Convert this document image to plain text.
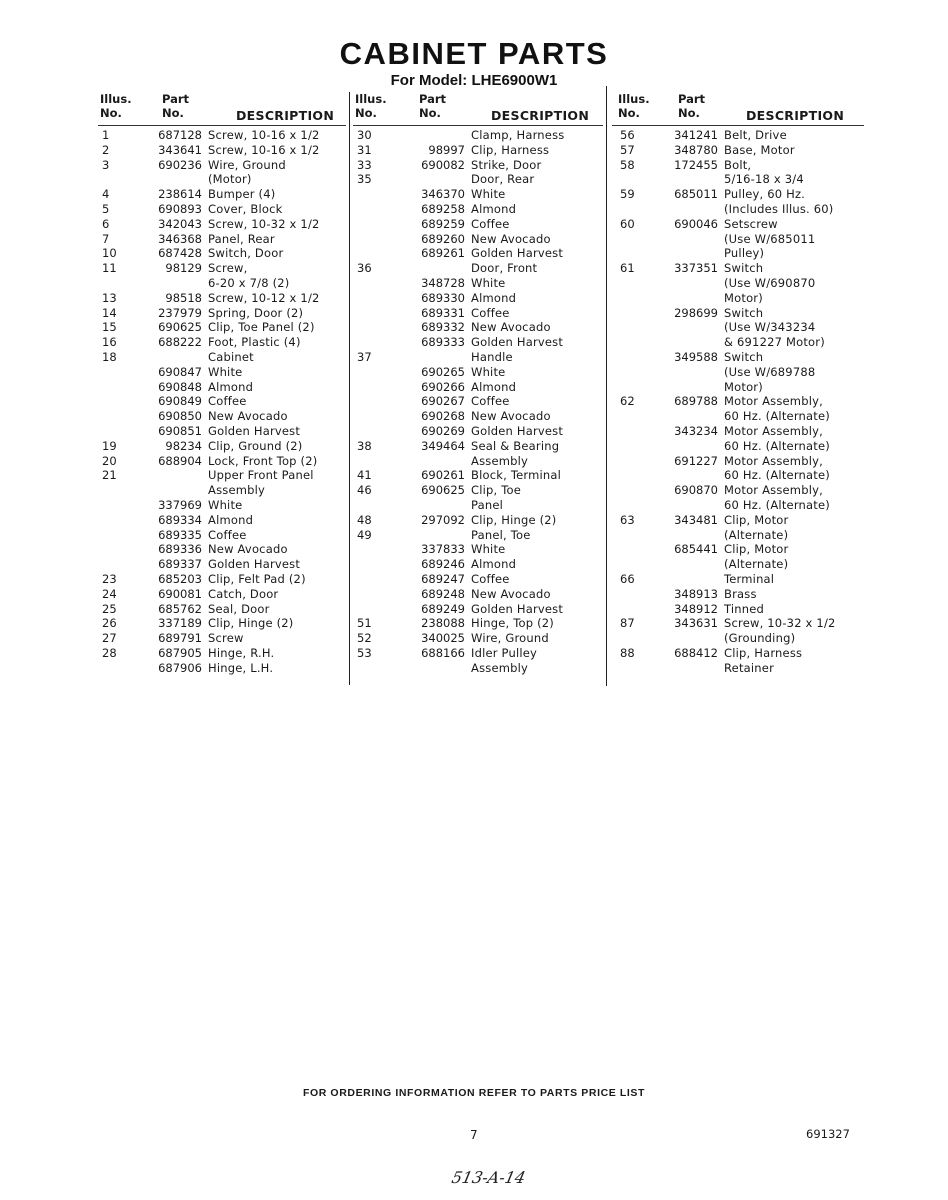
CABINET PARTS
For Model: LHE6900W1
Illus.
No.
Part
No.	DESCRIPTION
1	687128 Screw, 10-16 x 1/2
2	343641 Screw, 10-16 x 1/2
3	690236 Wire, Ground
(Motor)
4	238614 Bumper (4)
5	690893 Cover, Block
6	342043 Screw, 10-32 x 1/2
7	346368 Panel, Rear
10	687428 Switch, Door
11	98129 Screw,
6-20 x 7/8 (2)
13	98518 Screw, 10-12 x 1/2
14	237979 Spring, Door (2)
15	690625 Clip, Toe Panel (2)
16	688222 Foot, Plastic (4)
18	Cabinet
690847 White
690848 Almond
690849 Coffee
690850 New Avocado
690851 Golden Harvest
19	98234 Clip, Ground (2)
20	688904 Lock, Front Top (2)
21	Upper Front Panel
Assembly
337969 White
689334 Almond
689335 Coffee
689336 New Avocado
689337 Golden Harvest
23	685203 Clip, Felt Pad (2)
24	690081 Catch, Door
25	685762 Seal, Door
26	337189 Clip, Hinge (2)
27	689791 Screw
28	687905 Hinge, R.H.
687906 Hinge, L.H.
Illus.
No.
Part
No.	DESCRIPTION
30	Clamp, Harness
31	98997 Clip, Harness
33	690082 Strike, Door
35	Door, Rear
346370 White
689258 Almond
689259 Coffee
689260 New Avocado
689261 Golden Harvest
36	Door, Front
348728 White
689330 Almond
689331 Coffee
689332 New Avocado
689333 Golden Harvest
37	Handle
690265 White
690266 Almond
690267 Coffee
690268 New Avocado
690269 Golden Harvest
38	349464 Seal & Bearing
Assembly
41	690261 Block, Terminal
46	690625 Clip, Toe
Panel
48	297092 Clip, Hinge (2)
49	Panel, Toe
337833 White
689246 Almond
689247 Coffee
689248 New Avocado
689249 Golden Harvest
51	238088 Hinge, Top (2)
52	340025 Wire, Ground
53	688166 Idler Pulley
Assembly
Illus.
No.
Part
No.	DESCRIPTION
56	341241 Belt, Drive
57	348780 Base, Motor
58	172455 Bolt,
5/16-18 x 3/4
59	685011 Pulley, 60 Hz.
(Includes Illus. 60)
60	690046 Setscrew
(Use W/685011
Pulley)
61	337351 Switch
(Use W/690870
Motor)
298699 Switch
(Use W/343234
& 691227 Motor)
349588 Switch
(Use W/689788
Motor)
62	689788 Motor Assembly,
60 Hz. (Alternate)
343234 Motor Assembly,
60 Hz. (Alternate)
691227 Motor Assembly,
60 Hz. (Alternate)
690870 Motor Assembly,
60 Hz. (Alternate)
63	343481 Clip, Motor
(Alternate)
685441 Clip, Motor
(Alternate)
66	Terminal
348913 Brass
348912 Tinned
87	343631 Screw, 10-32 x 1/2
(Grounding)
88	688412 Clip, Harness
Retainer
FOR ORDERING INFORMATION REFER TO PARTS PRICE LIST
7	691327
513-A-14
